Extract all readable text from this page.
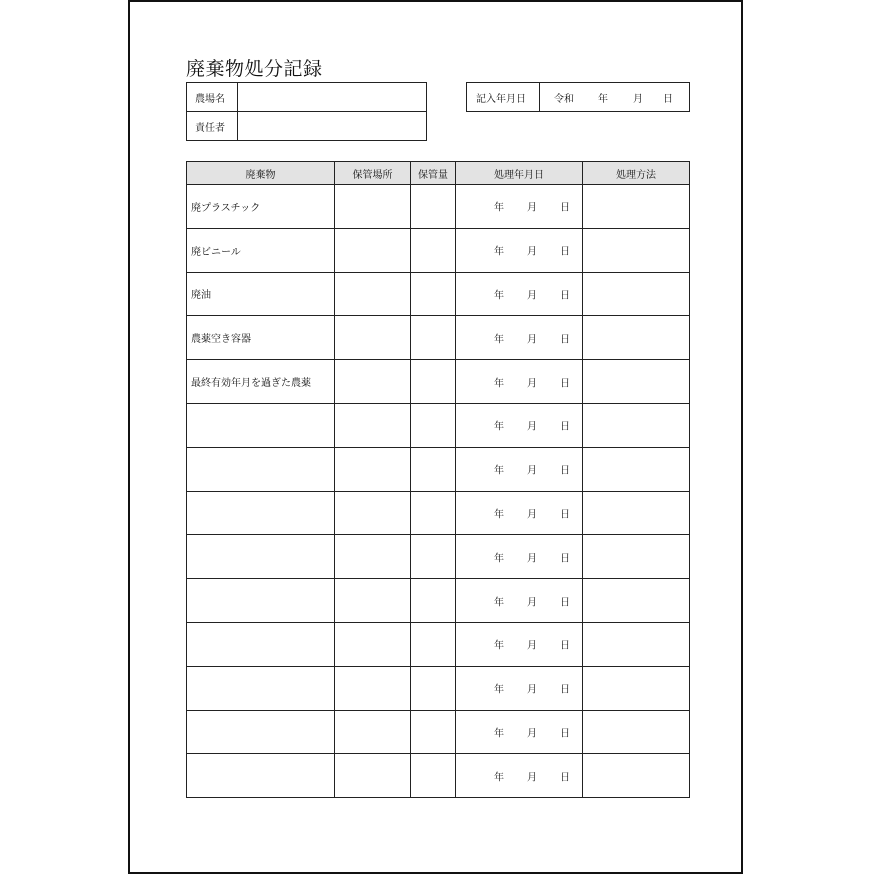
廃棄物処分記録
農場名	
責任者	
記入年月日	令和 年	月 日
廃棄物	保管場所	保管量	処理年月日	処理方法
廃プラスチック			年 月 日	

廃ビニール			年 月 日	

廃油			年 月 日	

農薬空き容器			年 月 日	

最終有効年月を過ぎた農薬			年 月 日	

			年 月 日	

			年 月 日	

			年 月 日	

			年 月 日	

			年 月 日	

			年 月 日	

			年 月 日	

			年 月 日	

			年 月 日	
